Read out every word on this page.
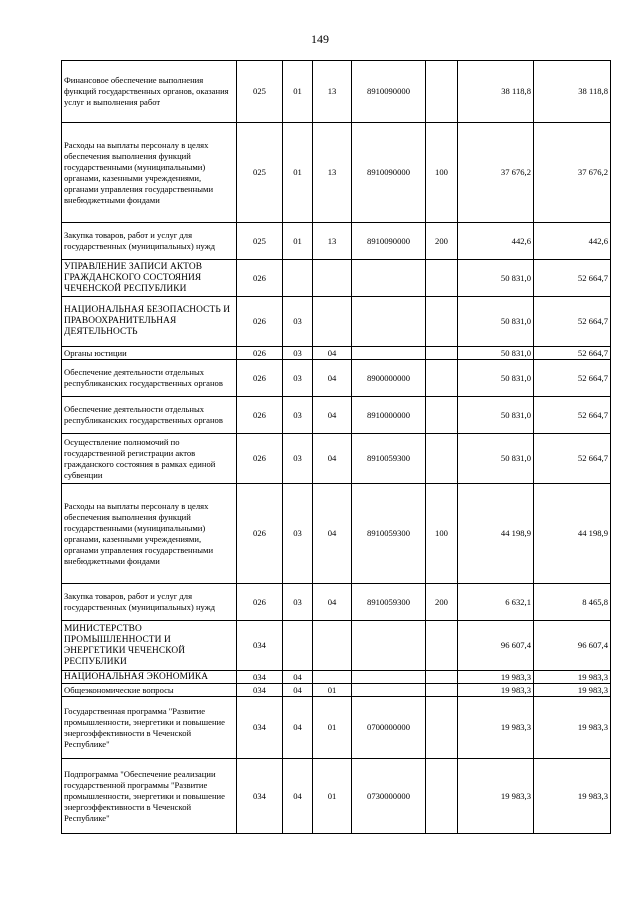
149
Финансовое обеспечение выполнения функций государственных органов, оказания услуг и выполнения работ	025	01	13	8910090000		38 118,8	38 118,8
Расходы на выплаты персоналу в целях обеспечения выполнения функций государственными (муниципальными) органами, казенными учреждениями, органами управления государственными внебюджетными фондами	025	01	13	8910090000	100	37 676,2	37 676,2
Закупка товаров, работ и услуг для государственных (муниципальных) нужд	025	01	13	8910090000	200	442,6	442,6
УПРАВЛЕНИЕ ЗАПИСИ АКТОВ ГРАЖДАНСКОГО СОСТОЯНИЯ ЧЕЧЕНСКОЙ РЕСПУБЛИКИ	026					50 831,0	52 664,7
НАЦИОНАЛЬНАЯ БЕЗОПАСНОСТЬ И ПРАВООХРАНИТЕЛЬНАЯ ДЕЯТЕЛЬНОСТЬ	026	03				50 831,0	52 664,7
Органы юстиции	026	03	04			50 831,0	52 664,7
Обеспечение деятельности отдельных республиканских государственных органов	026	03	04	8900000000		50 831,0	52 664,7
Обеспечение деятельности отдельных республиканских государственных органов	026	03	04	8910000000		50 831,0	52 664,7
Осуществление полномочий по государственной регистрации актов гражданского состояния в рамках единой субвенции	026	03	04	8910059300		50 831,0	52 664,7
Расходы на выплаты персоналу в целях обеспечения выполнения функций государственными (муниципальными) органами, казенными учреждениями, органами управления государственными внебюджетными фондами	026	03	04	8910059300	100	44 198,9	44 198,9
Закупка товаров, работ и услуг для государственных (муниципальных) нужд	026	03	04	8910059300	200	6 632,1	8 465,8
МИНИСТЕРСТВО ПРОМЫШЛЕННОСТИ И ЭНЕРГЕТИКИ ЧЕЧЕНСКОЙ РЕСПУБЛИКИ	034					96 607,4	96 607,4
НАЦИОНАЛЬНАЯ ЭКОНОМИКА	034	04				19 983,3	19 983,3
Общеэкономические вопросы	034	04	01			19 983,3	19 983,3
Государственная программа "Развитие промышленности, энергетики и повышение энергоэффективности в Чеченской Республике"	034	04	01	0700000000		19 983,3	19 983,3
Подпрограмма "Обеспечение реализации государственной программы "Развитие промышленности, энергетики и повышение энергоэффективности в Чеченской Республике"	034	04	01	0730000000		19 983,3	19 983,3
